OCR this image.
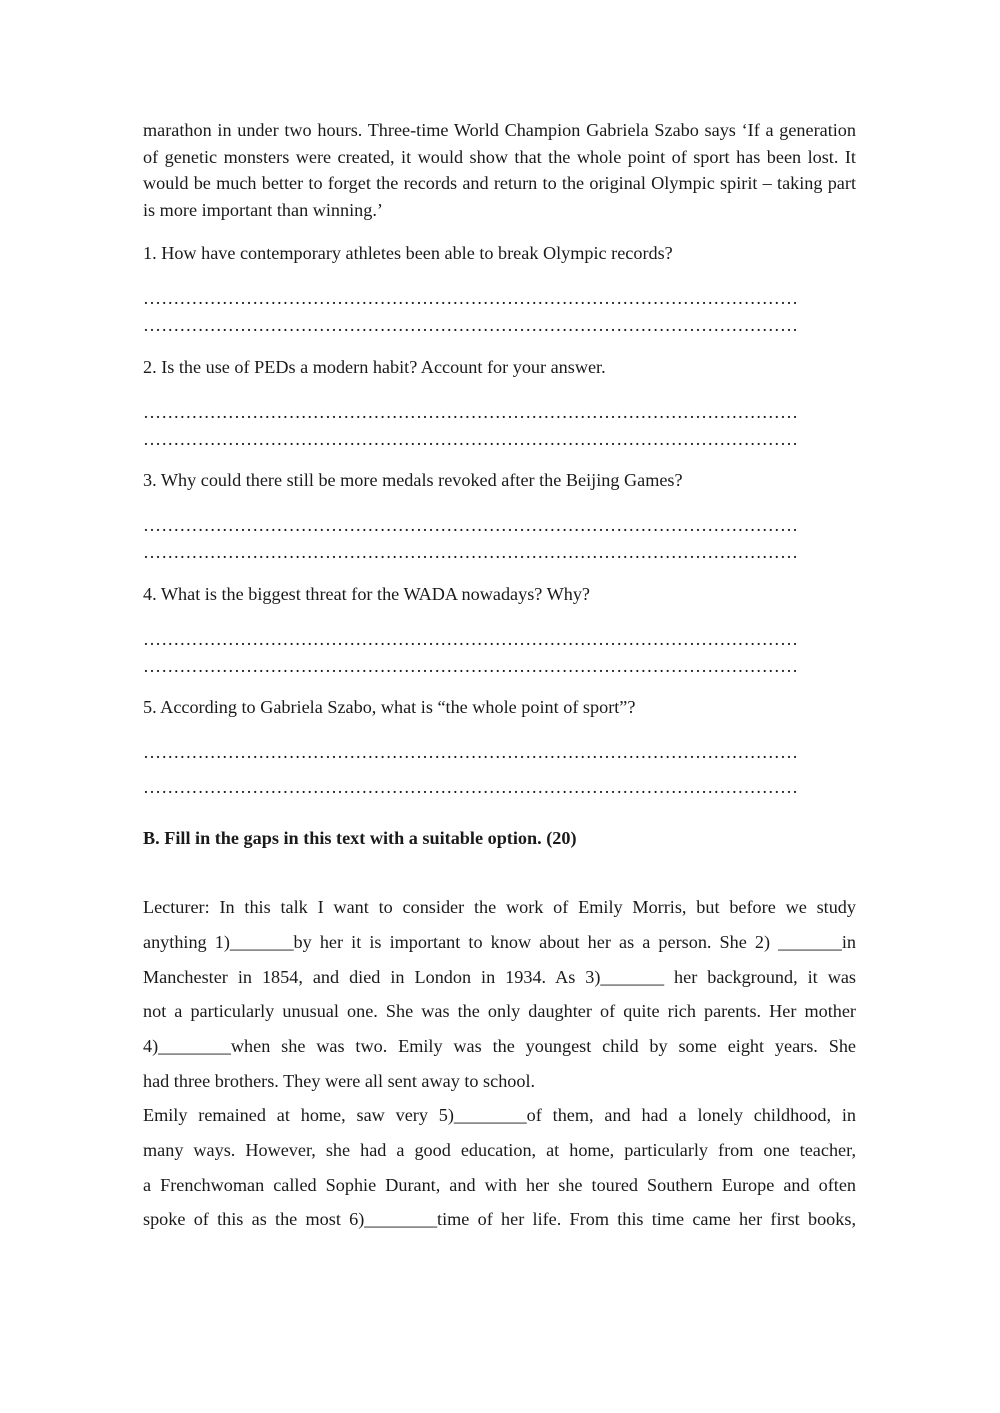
marathon in under two hours. Three-time World Champion Gabriela Szabo says ‘If a generation of genetic monsters were created, it would show that the whole point of sport has been lost. It would be much better to forget the records and return to the original Olympic spirit – taking part is more important than winning.’

1. How have contemporary athletes been able to break Olympic records?

………………………………………………………………………………………………
………………………………………………………………………………………………

2. Is the use of PEDs a modern habit? Account for your answer.

………………………………………………………………………………………………
………………………………………………………………………………………………

3. Why could there still be more medals revoked after the Beijing Games?

………………………………………………………………………………………………
………………………………………………………………………………………………

4. What is the biggest threat for the WADA nowadays? Why?

………………………………………………………………………………………………
………………………………………………………………………………………………

5. According to Gabriela Szabo, what is “the whole point of sport”?

………………………………………………………………………………………………
………………………………………………………………………………………………

B. Fill in the gaps in this text with a suitable option. (20)

Lecturer: In this talk I want to consider the work of Emily Morris, but before we study

anything 1)_______by her it is important to know about her as a person. She 2) _______in

Manchester in 1854, and died in London in 1934. As 3)_______ her background, it was

not a particularly unusual one. She was the only daughter of quite rich parents. Her mother

4)________when she was two. Emily was the youngest child by some eight years. She

had three brothers. They were all sent away to school.

Emily remained at home, saw very 5)________of them, and had a lonely childhood, in

many ways. However, she had a good education, at home, particularly from one teacher,

a Frenchwoman called Sophie Durant, and with her she toured Southern Europe and often

spoke of this as the most 6)________time of her life. From this time came her first books,
